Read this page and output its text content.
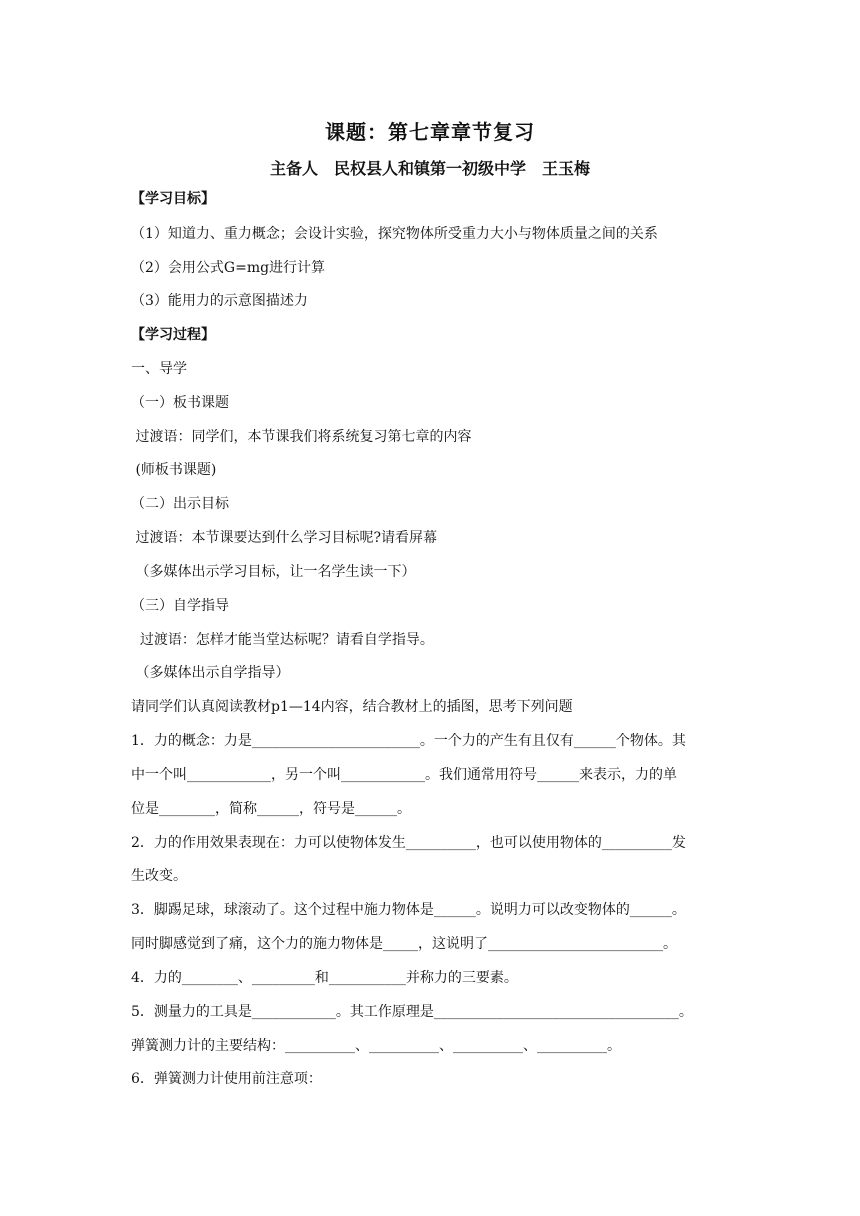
课题：第七章章节复习
主备人　民权县人和镇第一初级中学　王玉梅
【学习目标】
（1）知道力、重力概念；会设计实验，探究物体所受重力大小与物体质量之间的关系
（2）会用公式G=mg进行计算
（3）能用力的示意图描述力
【学习过程】
一、导学
（一）板书课题
过渡语：同学们，本节课我们将系统复习第七章的内容
(师板书课题)
（二）出示目标
过渡语：本节课要达到什么学习目标呢?请看屏幕
（多媒体出示学习目标，让一名学生读一下）
（三）自学指导
过渡语：怎样才能当堂达标呢？请看自学指导。
（多媒体出示自学指导）
请同学们认真阅读教材p1—14内容，结合教材上的插图，思考下列问题
1．力的概念：力是________________________。一个力的产生有且仅有______个物体。其
中一个叫____________，另一个叫____________。我们通常用符号______来表示，力的单
位是________，简称______，符号是______。
2．力的作用效果表现在：力可以使物体发生__________，也可以使用物体的__________发
生改变。
3．脚踢足球，球滚动了。这个过程中施力物体是______。说明力可以改变物体的______。
同时脚感觉到了痛，这个力的施力物体是_____，这说明了_________________________。
4．力的________、_________和___________并称力的三要素。
5．测量力的工具是____________。其工作原理是___________________________________。
弹簧测力计的主要结构：__________、__________、__________、__________。
6．弹簧测力计使用前注意项：
